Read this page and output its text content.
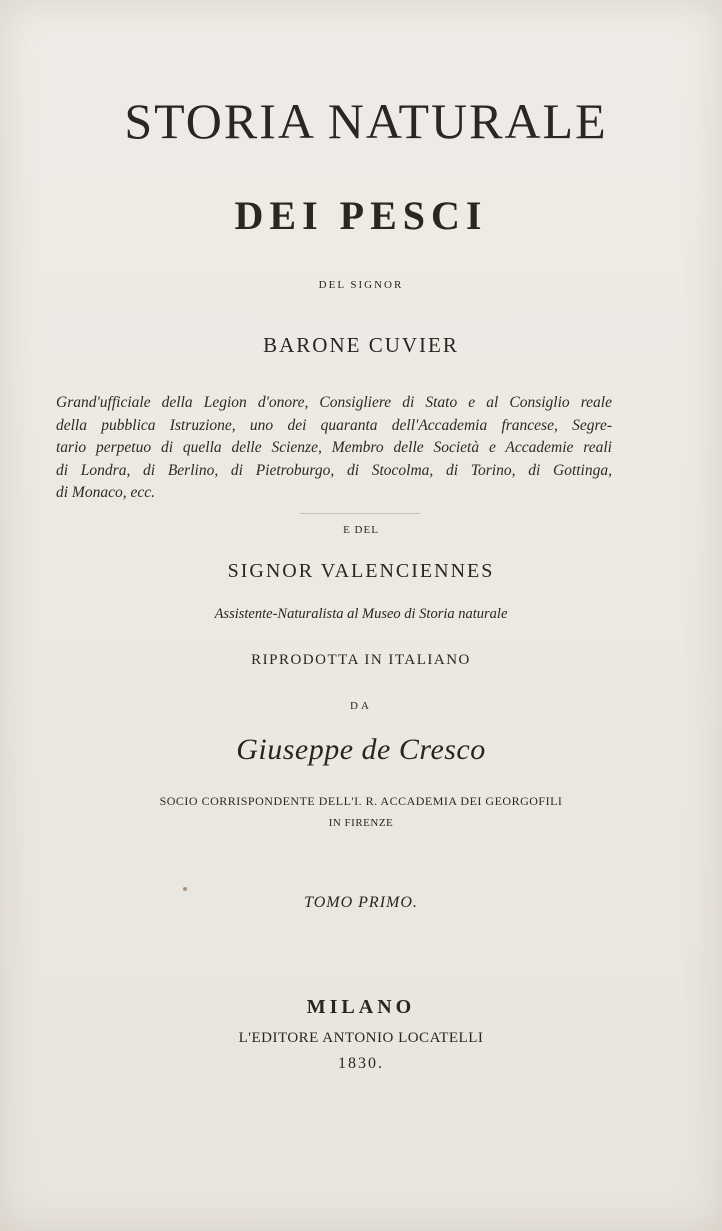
STORIA NATURALE
DEI PESCI
DEL SIGNOR
BARONE CUVIER
Grand'ufficiale della Legion d'onore, Consigliere di Stato e al Consiglio reale
della pubblica Istruzione, uno dei quaranta dell'Accademia francese, Segre-
tario perpetuo di quella delle Scienze, Membro delle Società e Accademie reali
di Londra, di Berlino, di Pietroburgo, di Stocolma, di Torino, di Gottinga,
di Monaco, ecc.
E DEL
SIGNOR VALENCIENNES
Assistente-Naturalista al Museo di Storia naturale
RIPRODOTTA IN ITALIANO
DA
Giuseppe de Cresco
SOCIO CORRISPONDENTE DELL'I. R. ACCADEMIA DEI GEORGOFILI
IN FIRENZE
TOMO PRIMO.
MILANO
L'EDITORE ANTONIO LOCATELLI
1830.
